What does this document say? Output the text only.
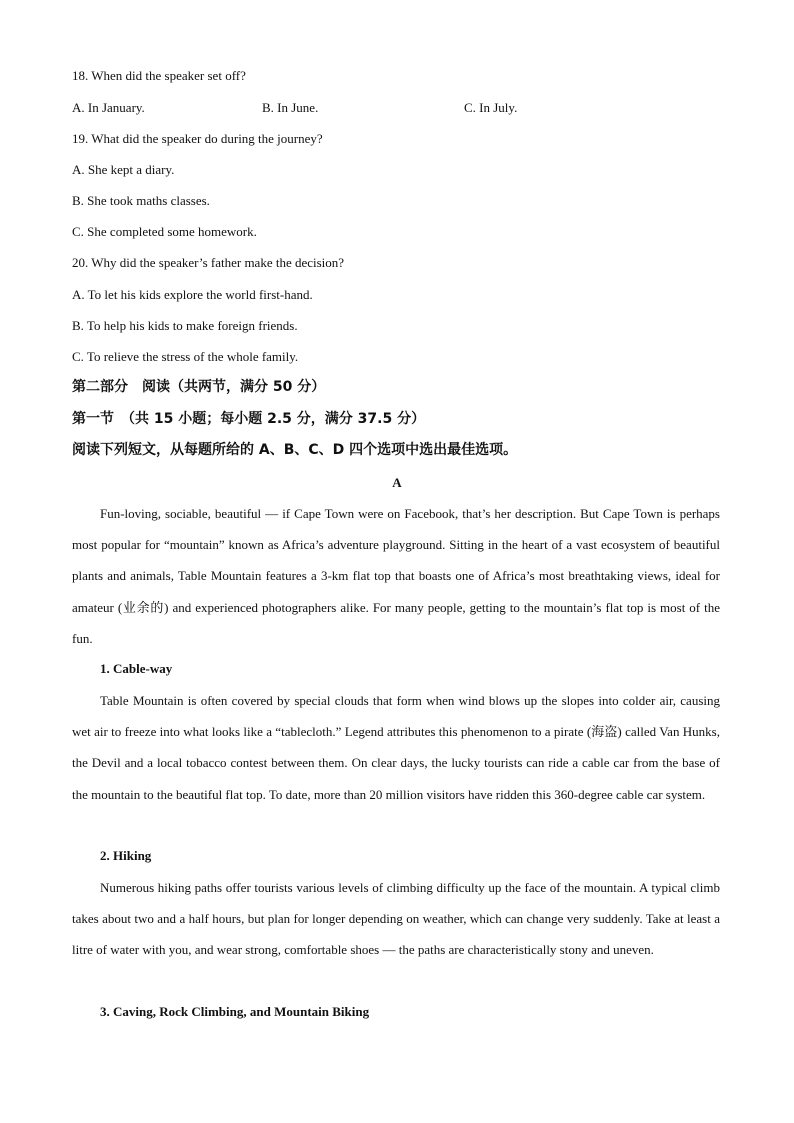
18. When did the speaker set off?
A. In January.	B. In June.	C. In July.
19. What did the speaker do during the journey?
A. She kept a diary.
B. She took maths classes.
C. She completed some homework.
20. Why did the speaker’s father make the decision?
A. To let his kids explore the world first-hand.
B. To help his kids to make foreign friends.
C. To relieve the stress of the whole family.
第二部分　阅读（共两节，满分 50 分）
第一节　（共 15 小题；每小题 2.5 分，满分 37.5 分）
阅读下列短文，从每题所给的 A、B、C、D 四个选项中选出最佳选项。
A

Fun-loving, sociable, beautiful — if Cape Town were on Facebook, that’s her description. But Cape Town is perhaps most popular for “mountain” known as Africa’s adventure playground. Sitting in the heart of a vast ecosystem of beautiful plants and animals, Table Mountain features a 3-km flat top that boasts one of Africa’s most breathtaking views, ideal for amateur (业余的) and experienced photographers alike. For many people, getting to the mountain’s flat top is most of the fun.

1. Cable-way

Table Mountain is often covered by special clouds that form when wind blows up the slopes into colder air, causing wet air to freeze into what looks like a “tablecloth.” Legend attributes this phenomenon to a pirate (海盗) called Van Hunks, the Devil and a local tobacco contest between them. On clear days, the lucky tourists can ride a cable car from the base of the mountain to the beautiful flat top. To date, more than 20 million visitors have ridden this 360-degree cable car system.

2. Hiking

Numerous hiking paths offer tourists various levels of climbing difficulty up the face of the mountain. A typical climb takes about two and a half hours, but plan for longer depending on weather, which can change very suddenly. Take at least a litre of water with you, and wear strong, comfortable shoes — the paths are characteristically stony and uneven.

3. Caving, Rock Climbing, and Mountain Biking
